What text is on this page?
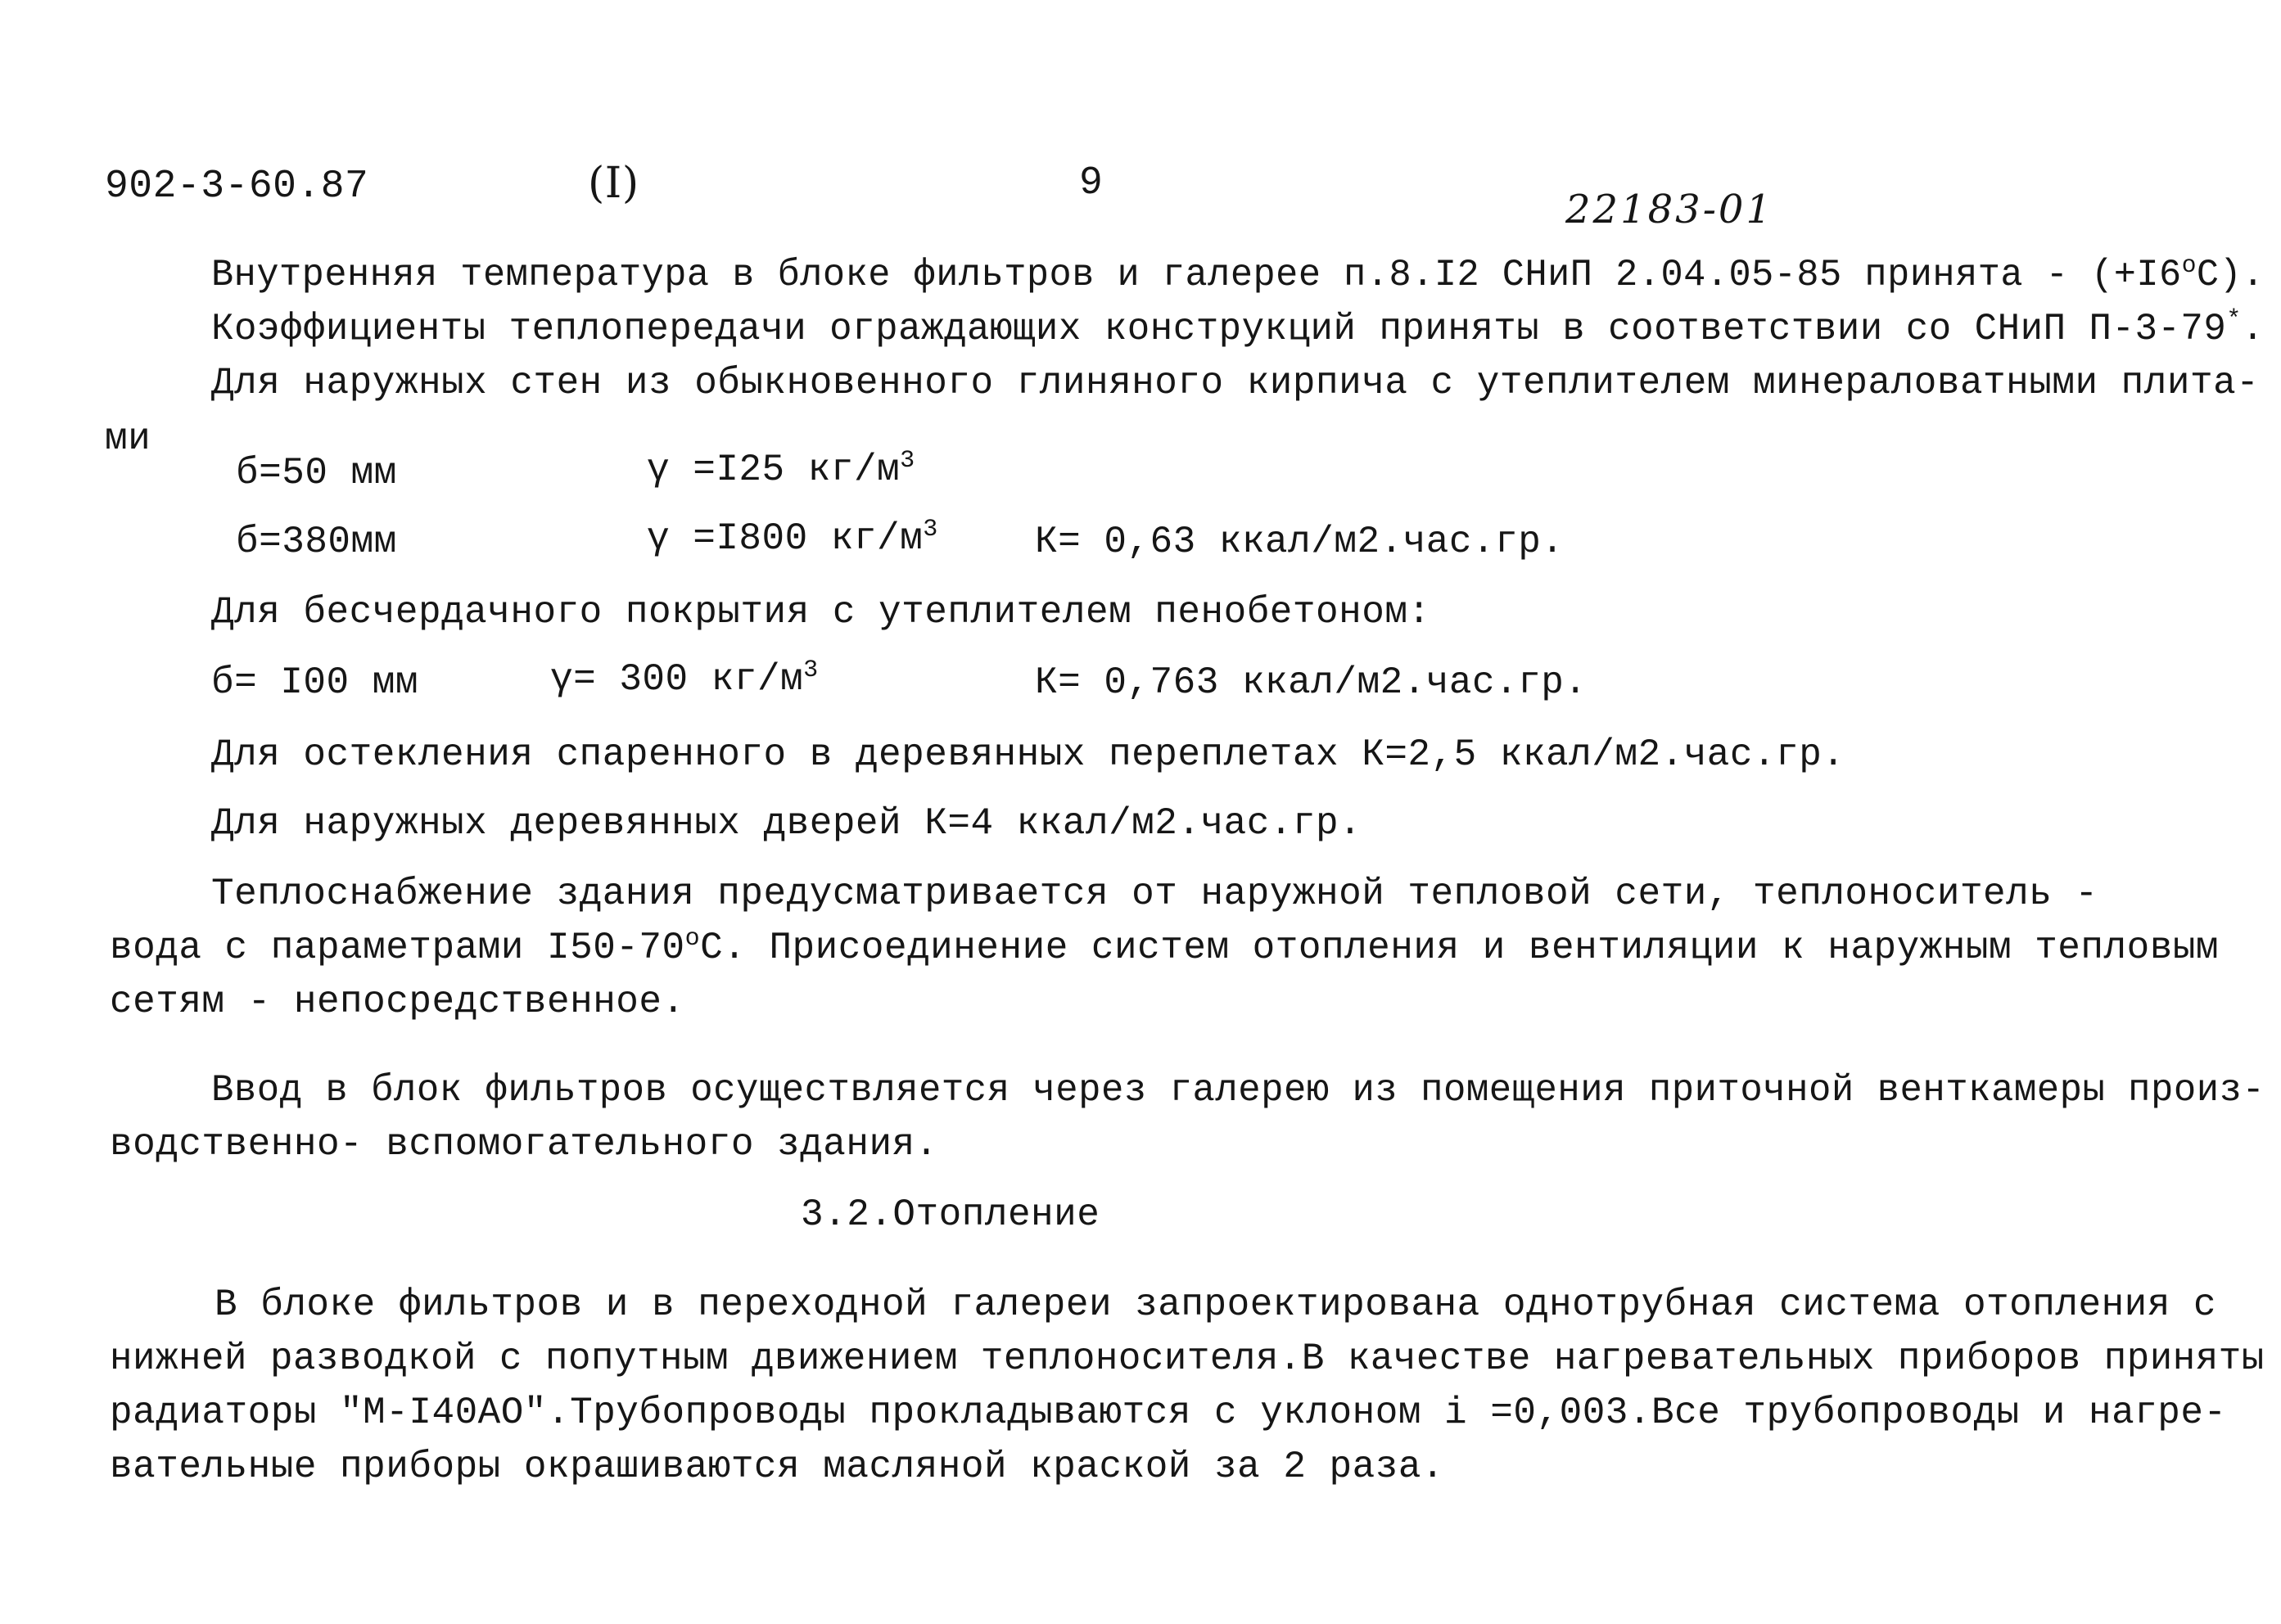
902-3-60.87	(I)	9
22183-01
Внутренняя температура в блоке фильтров и галерее п.8.I2 СНиП 2.04.05-85 принята - $(+I6^oC)$.
Коэффициенты теплопередачи ограждающих конструкций приняты в соответствии со СНиП П-3-79*.
Для наружных стен из обыкновенного глиняного кирпича с утеплителем минераловатными плита-
ми
б=50 мм	γ =I25 $кг/м^3$
б=380мм	γ =I800 $кг/м^3$	К= 0,63 ккал/м2.час.гр.
Для бесчердачного покрытия с утеплителем пенобетоном:
б= I00 мм	γ= 300 $кг/м^3$	К= 0,763 ккал/м2.час.гр.
Для остекления спаренного в деревянных переплетах К=2,5 ккал/м2.час.гр.
Для наружных деревянных дверей К=4 ккал/м2.час.гр.
Теплоснабжение здания предусматривается от наружной тепловой сети, теплоноситель -
вода с параметрами I50-70$^o$С. Присоединение систем отопления и вентиляции к наружным тепловым
сетям - непосредственное.
Ввод в блок фильтров осуществляется через галерею из помещения приточной венткамеры произ-
водственно- вспомогательного здания.
3.2.Отопление
В блоке фильтров и в переходной галереи запроектирована однотрубная система отопления с
нижней разводкой с попутным движением теплоносителя.В качестве нагревательных приборов приняты
радиаторы "М-I40АО".Трубопроводы прокладываются с уклоном i =0,003.Все трубопроводы и нагре-
вательные приборы окрашиваются масляной краской за 2 раза.
